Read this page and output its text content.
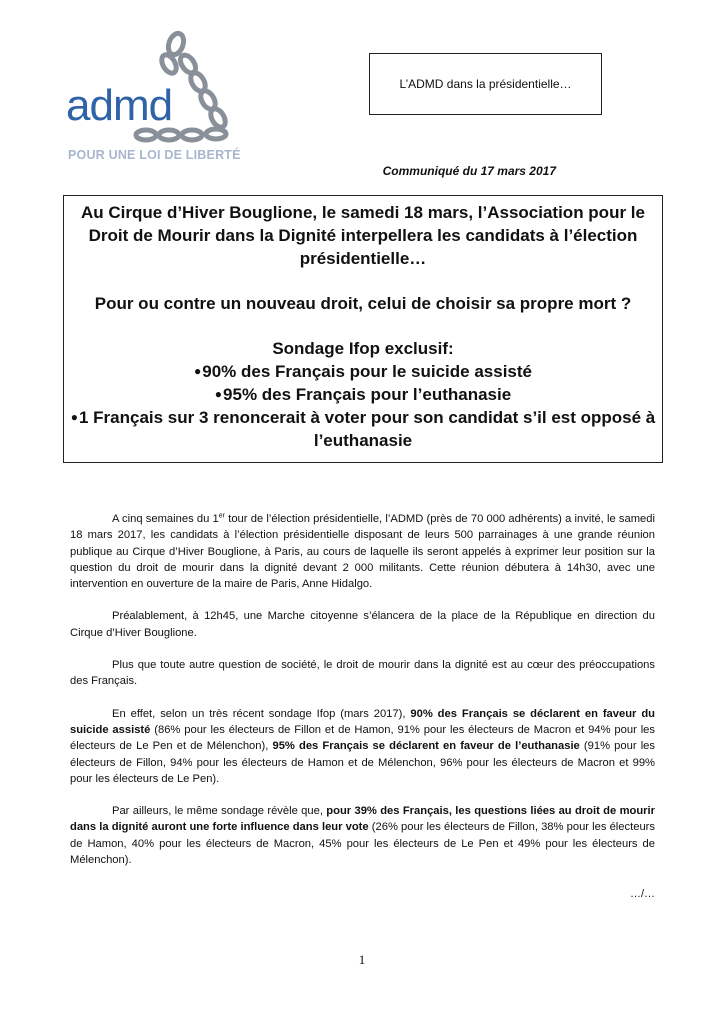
admd
POUR UNE LOI DE LIBERTÉ
L’ADMD dans la présidentielle…
Communiqué du 17 mars 2017

Au Cirque d’Hiver Bouglione, le samedi 18 mars, l’Association pour le

Droit de Mourir dans la Dignité interpellera les candidats à l’élection

présidentielle…

Pour ou contre un nouveau droit, celui de choisir sa propre mort ?

Sondage Ifop exclusif:

● 90% des Français pour le suicide assisté

● 95% des Français pour l’euthanasie

● 1 Français sur 3 renoncerait à voter pour son candidat s’il est opposé à

l’euthanasie

A cinq semaines du 1er tour de l’élection présidentielle, l’ADMD (près de 70 000 adhérents) a invité, le samedi 18 mars 2017, les candidats à l’élection présidentielle disposant de leurs 500 parrainages à une grande réunion publique au Cirque d’Hiver Bouglione, à Paris, au cours de laquelle ils seront appelés à exprimer leur position sur la question du droit de mourir dans la dignité devant 2 000 militants. Cette réunion débutera à 14h30, avec une intervention en ouverture de la maire de Paris, Anne Hidalgo.

Préalablement, à 12h45, une Marche citoyenne s’élancera de la place de la République en direction du Cirque d’Hiver Bouglione.

Plus que toute autre question de société, le droit de mourir dans la dignité est au cœur des préoccupations des Français.

En effet, selon un très récent sondage Ifop (mars 2017), 90% des Français se déclarent en faveur du suicide assisté (86% pour les électeurs de Fillon et de Hamon, 91% pour les électeurs de Macron et 94% pour les électeurs de Le Pen et de Mélenchon), 95% des Français se déclarent en faveur de l’euthanasie (91% pour les électeurs de Fillon, 94% pour les électeurs de Hamon et de Mélenchon, 96% pour les électeurs de Macron et 99% pour les électeurs de Le Pen).

Par ailleurs, le même sondage révèle que, pour 39% des Français, les questions liées au droit de mourir dans la dignité auront une forte influence dans leur vote (26% pour les électeurs de Fillon, 38% pour les électeurs de Hamon, 40% pour les électeurs de Macron, 45% pour les électeurs de Le Pen et 49% pour les électeurs de Mélenchon).

…/…
1
